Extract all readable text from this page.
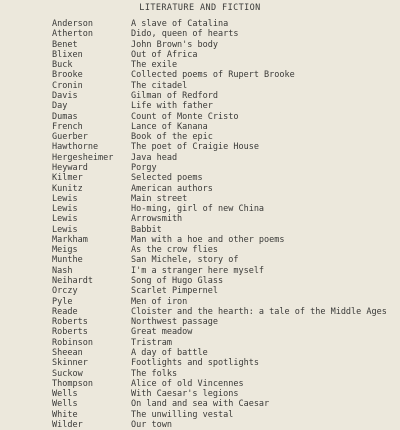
LITERATURE AND FICTION
Anderson	A slave of Catalina
Atherton	Dido, queen of hearts
Benet	John Brown's body
Blixen	Out of Africa
Buck	The exile
Brooke	Collected poems of Rupert Brooke
Cronin	The citadel
Davis	Gilman of Redford
Day	Life with father
Dumas	Count of Monte Cristo
French	Lance of Kanana
Guerber	Book of the epic
Hawthorne	The poet of Craigie House
Hergesheimer Java head
Heyward	Porgy
Kilmer	Selected poems
Kunitz	American authors
Lewis	Main street
Lewis	Ho-ming, girl of new China
Lewis	Arrowsmith
Lewis	Babbit
Markham	Man with a hoe and other poems
Meigs	As the crow flies
Munthe	San Michele, story of
Nash	I'm a stranger here myself
Neihardt	Song of Hugo Glass
Orczy	Scarlet Pimpernel
Pyle	Men of iron
Reade	Cloister and the hearth: a tale of the Middle Ages
Roberts	Northwest passage
Roberts	Great meadow
Robinson	Tristram
Sheean	A day of battle
Skinner	Footlights and spotlights
Suckow	The folks
Thompson	Alice of old Vincennes
Wells	With Caesar's legions
Wells	On land and sea with Caesar
White	The unwilling vestal
Wilder	Our town
